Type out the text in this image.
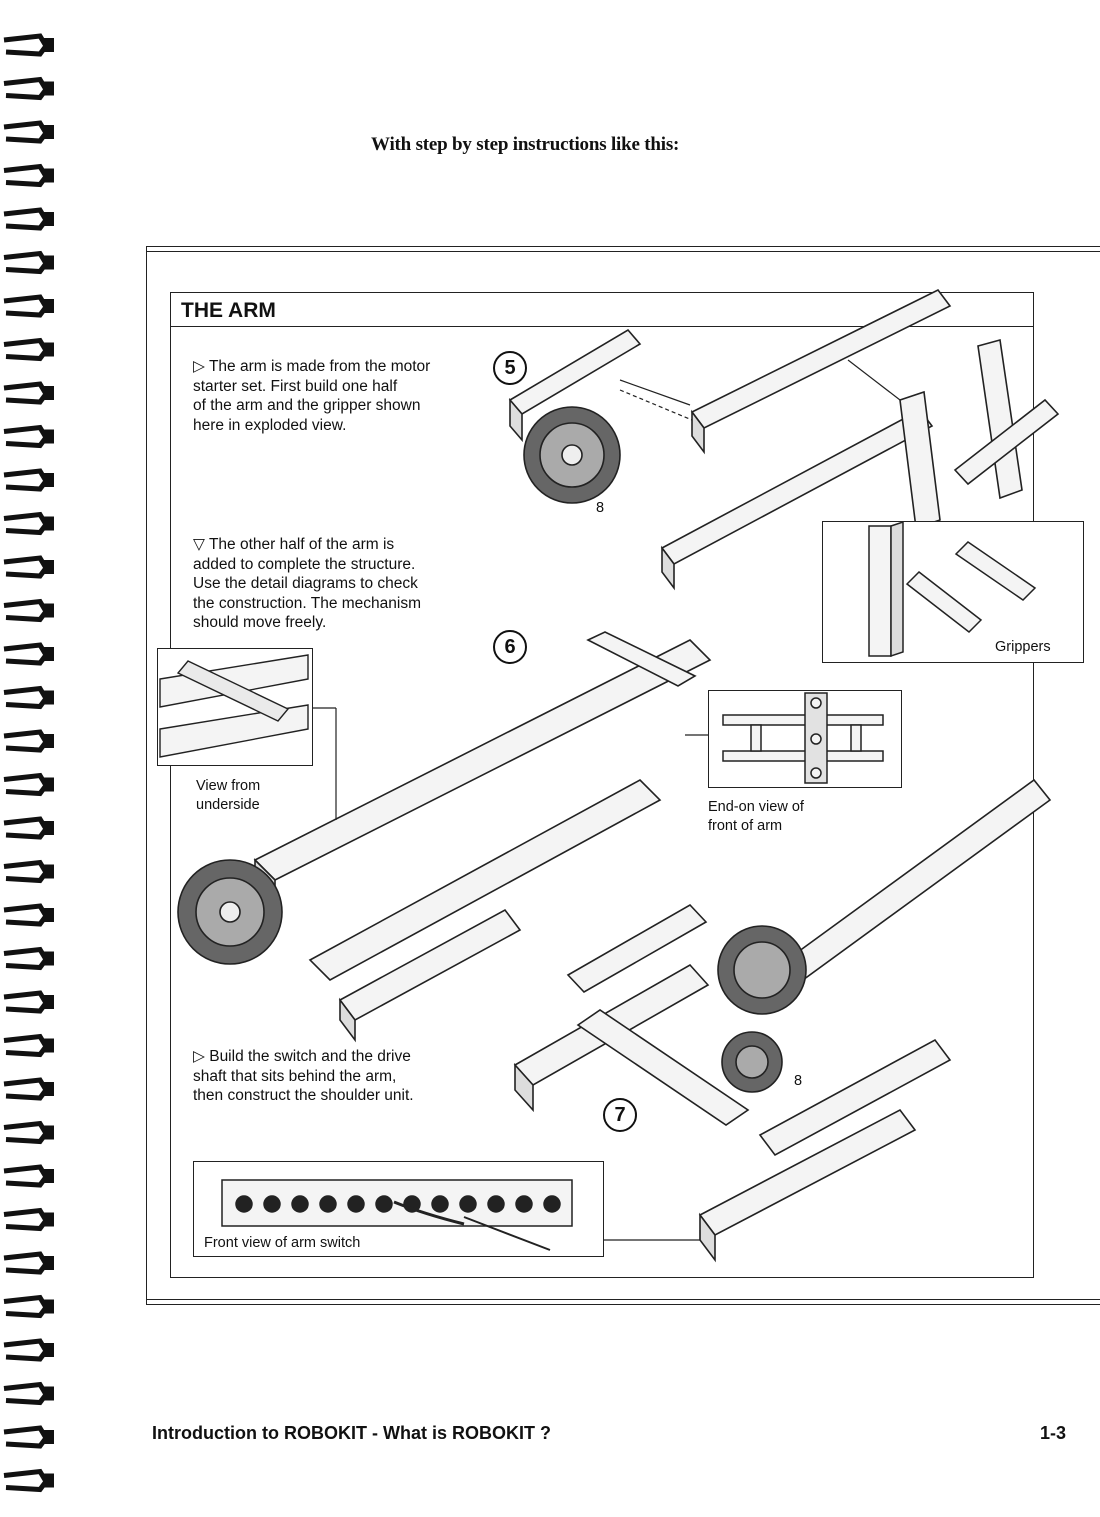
With step by step instructions like this:
THE ARM
5
▷ The arm is made from the motor
starter set. First build one half
of the arm and the gripper shown
here in exploded view.
6
▽ The other half of the arm is
added to complete the structure.
Use the detail diagrams to check
the construction. The mechanism
should move freely.
7
▷ Build the switch and the drive
shaft that sits behind the arm,
then construct the shoulder unit.
8
8
Grippers
View from
underside	End-on view of
front of arm
Front view of arm switch
Introduction to ROBOKIT - What is ROBOKIT ?	1-3
